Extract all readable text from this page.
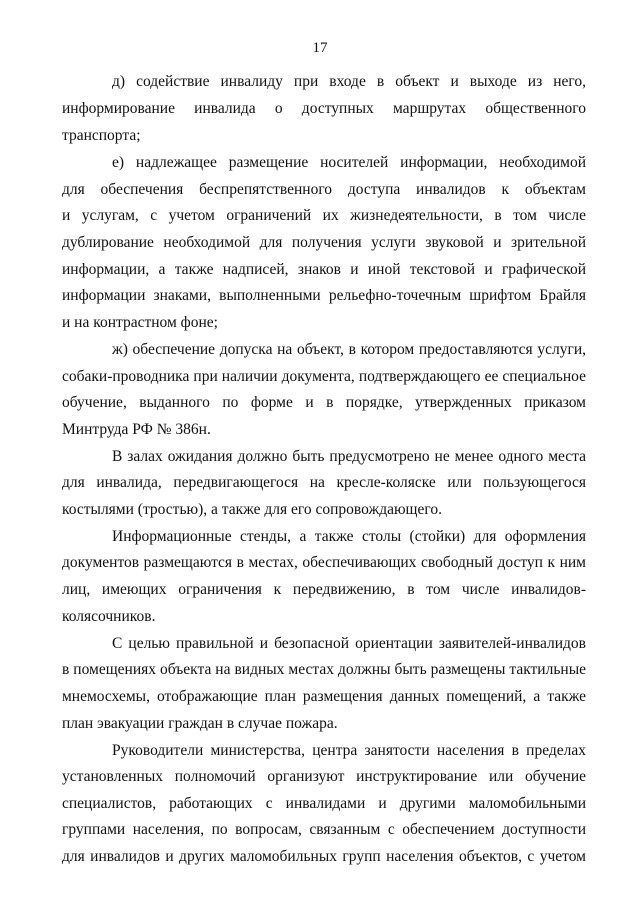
17
д) содействие инвалиду при входе в объект и выходе из него,
информирование инвалида о доступных маршрутах общественного
транспорта;
е) надлежащее размещение носителей информации, необходимой
для обеспечения беспрепятственного доступа инвалидов к объектам
и услугам, с учетом ограничений их жизнедеятельности, в том числе
дублирование необходимой для получения услуги звуковой и зрительной
информации, а также надписей, знаков и иной текстовой и графической
информации знаками, выполненными рельефно-точечным шрифтом Брайля
и на контрастном фоне;
ж) обеспечение допуска на объект, в котором предоставляются услуги,
собаки-проводника при наличии документа, подтверждающего ее специальное
обучение, выданного по форме и в порядке, утвержденных приказом
Минтруда РФ № 386н.
В залах ожидания должно быть предусмотрено не менее одного места
для инвалида, передвигающегося на кресле-коляске или пользующегося
костылями (тростью), а также для его сопровождающего.
Информационные стенды, а также столы (стойки) для оформления
документов размещаются в местах, обеспечивающих свободный доступ к ним
лиц, имеющих ограничения к передвижению, в том числе инвалидов-
колясочников.
С целью правильной и безопасной ориентации заявителей-инвалидов
в помещениях объекта на видных местах должны быть размещены тактильные
мнемосхемы, отображающие план размещения данных помещений, а также
план эвакуации граждан в случае пожара.
Руководители министерства, центра занятости населения в пределах
установленных полномочий организуют инструктирование или обучение
специалистов, работающих с инвалидами и другими маломобильными
группами населения, по вопросам, связанным с обеспечением доступности
для инвалидов и других маломобильных групп населения объектов, с учетом
